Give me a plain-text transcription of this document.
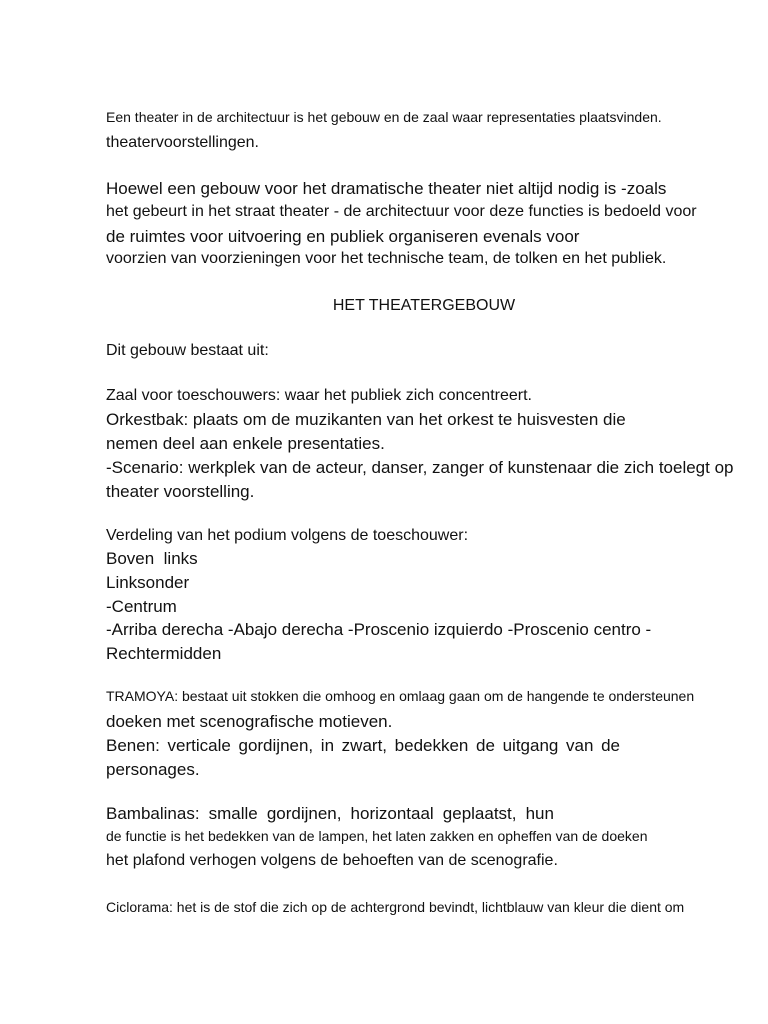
Een theater in de architectuur is het gebouw en de zaal waar representaties plaatsvinden.
theatervoorstellingen.
Hoewel een gebouw voor het dramatische theater niet altijd nodig is -zoals
het gebeurt in het straat theater - de architectuur voor deze functies is bedoeld voor
de ruimtes voor uitvoering en publiek organiseren evenals voor
voorzien van voorzieningen voor het technische team, de tolken en het publiek.
HET THEATERGEBOUW
Dit gebouw bestaat uit:
Zaal voor toeschouwers: waar het publiek zich concentreert.
Orkestbak: plaats om de muzikanten van het orkest te huisvesten die
nemen deel aan enkele presentaties.
-Scenario: werkplek van de acteur, danser, zanger of kunstenaar die zich toelegt op
theater voorstelling.
Verdeling van het podium volgens de toeschouwer:
Boven  links
Linksonder
-Centrum
-Arriba derecha -Abajo derecha -Proscenio izquierdo -Proscenio centro -
Rechtermidden
TRAMOYA: bestaat uit stokken die omhoog en omlaag gaan om de hangende te ondersteunen
doeken met scenografische motieven.
Benen: verticale gordijnen, in zwart, bedekken de uitgang van de
personages.
Bambalinas: smalle gordijnen, horizontaal geplaatst, hun
de functie is het bedekken van de lampen, het laten zakken en opheffen van de doeken
het plafond verhogen volgens de behoeften van de scenografie.
Ciclorama: het is de stof die zich op de achtergrond bevindt, lichtblauw van kleur die dient om
